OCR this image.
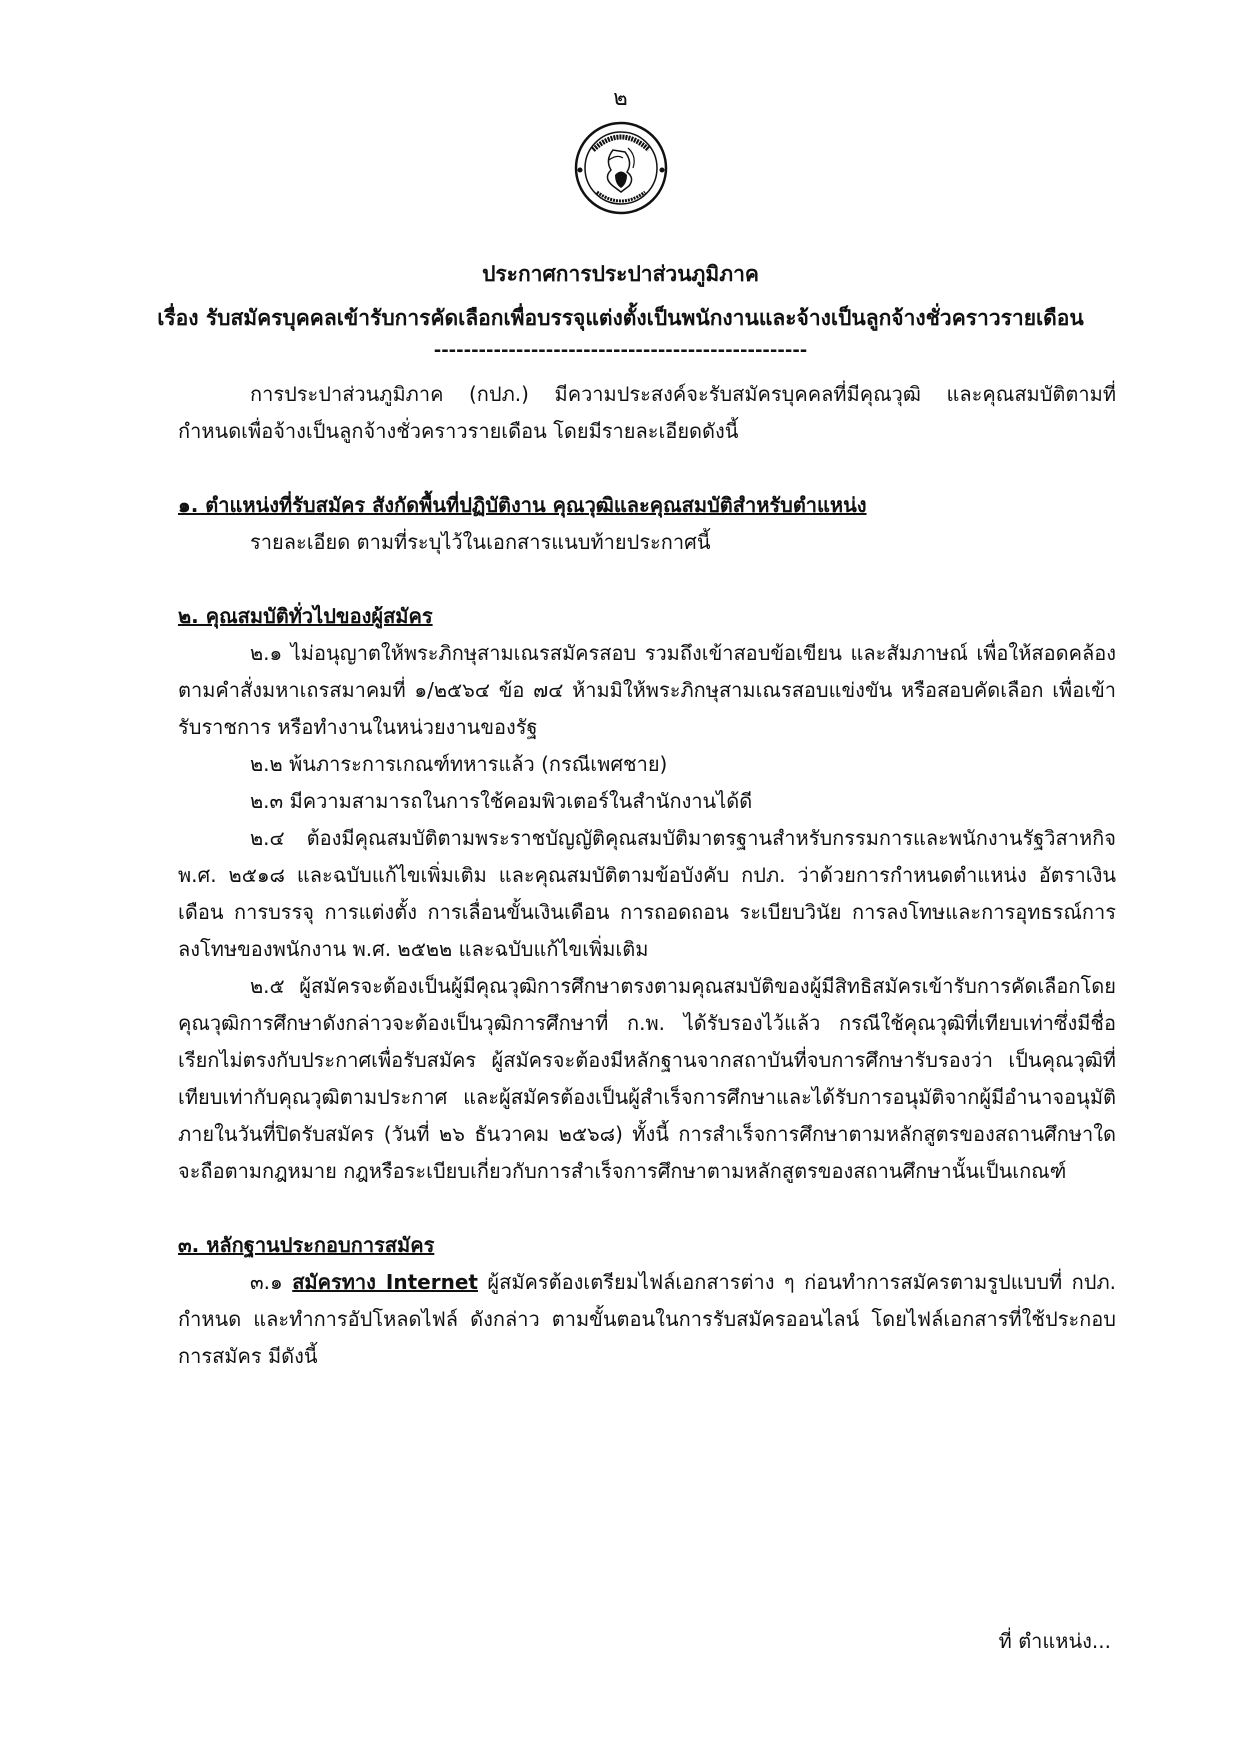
๒
ประกาศการประปาส่วนภูมิภาค
เรื่อง รับสมัครบุคคลเข้ารับการคัดเลือกเพื่อบรรจุแต่งตั้งเป็นพนักงานและจ้างเป็นลูกจ้างชั่วคราวรายเดือน
--------------------------------------------------

การประปาส่วนภูมิภาค (กปภ.) มีความประสงค์จะรับสมัครบุคคลที่มีคุณวุฒิ และคุณสมบัติตามที่กำหนดเพื่อจ้างเป็นลูกจ้างชั่วคราวรายเดือน โดยมีรายละเอียดดังนี้

๑. ตำแหน่งที่รับสมัคร สังกัดพื้นที่ปฏิบัติงาน คุณวุฒิและคุณสมบัติสำหรับตำแหน่ง

รายละเอียด ตามที่ระบุไว้ในเอกสารแนบท้ายประกาศนี้

๒. คุณสมบัติทั่วไปของผู้สมัคร

๒.๑ ไม่อนุญาตให้พระภิกษุสามเณรสมัครสอบ รวมถึงเข้าสอบข้อเขียน และสัมภาษณ์ เพื่อให้สอดคล้องตามคำสั่งมหาเถรสมาคมที่ ๑/๒๕๖๔ ข้อ ๗๔ ห้ามมิให้พระภิกษุสามเณรสอบแข่งขัน หรือสอบคัดเลือก เพื่อเข้ารับราชการ หรือทำงานในหน่วยงานของรัฐ

๒.๒ พ้นภาระการเกณฑ์ทหารแล้ว (กรณีเพศชาย)

๒.๓ มีความสามารถในการใช้คอมพิวเตอร์ในสำนักงานได้ดี

๒.๔ ต้องมีคุณสมบัติตามพระราชบัญญัติคุณสมบัติมาตรฐานสำหรับกรรมการและพนักงานรัฐวิสาหกิจ พ.ศ. ๒๕๑๘ และฉบับแก้ไขเพิ่มเติม และคุณสมบัติตามข้อบังคับ กปภ. ว่าด้วยการกำหนดตำแหน่ง อัตราเงินเดือน การบรรจุ การแต่งตั้ง การเลื่อนขั้นเงินเดือน การถอดถอน ระเบียบวินัย การลงโทษและการอุทธรณ์การลงโทษของพนักงาน พ.ศ. ๒๕๒๒ และฉบับแก้ไขเพิ่มเติม

๒.๕ ผู้สมัครจะต้องเป็นผู้มีคุณวุฒิการศึกษาตรงตามคุณสมบัติของผู้มีสิทธิสมัครเข้ารับการคัดเลือกโดยคุณวุฒิการศึกษาดังกล่าวจะต้องเป็นวุฒิการศึกษาที่ ก.พ. ได้รับรองไว้แล้ว กรณีใช้คุณวุฒิที่เทียบเท่าซึ่งมีชื่อเรียกไม่ตรงกับประกาศเพื่อรับสมัคร ผู้สมัครจะต้องมีหลักฐานจากสถาบันที่จบการศึกษารับรองว่า เป็นคุณวุฒิที่เทียบเท่ากับคุณวุฒิตามประกาศ และผู้สมัครต้องเป็นผู้สำเร็จการศึกษาและได้รับการอนุมัติจากผู้มีอำนาจอนุมัติภายในวันที่ปิดรับสมัคร (วันที่ ๒๖ ธันวาคม ๒๕๖๘) ทั้งนี้ การสำเร็จการศึกษาตามหลักสูตรของสถานศึกษาใด จะถือตามกฎหมาย กฎหรือระเบียบเกี่ยวกับการสำเร็จการศึกษาตามหลักสูตรของสถานศึกษานั้นเป็นเกณฑ์

๓. หลักฐานประกอบการสมัคร

๓.๑ สมัครทาง Internet ผู้สมัครต้องเตรียมไฟล์เอกสารต่าง ๆ ก่อนทำการสมัครตามรูปแบบที่ กปภ. กำหนด และทำการอัปโหลดไฟล์ ดังกล่าว ตามขั้นตอนในการรับสมัครออนไลน์ โดยไฟล์เอกสารที่ใช้ประกอบการสมัคร มีดังนี้

ที่ ตำแหน่ง...
